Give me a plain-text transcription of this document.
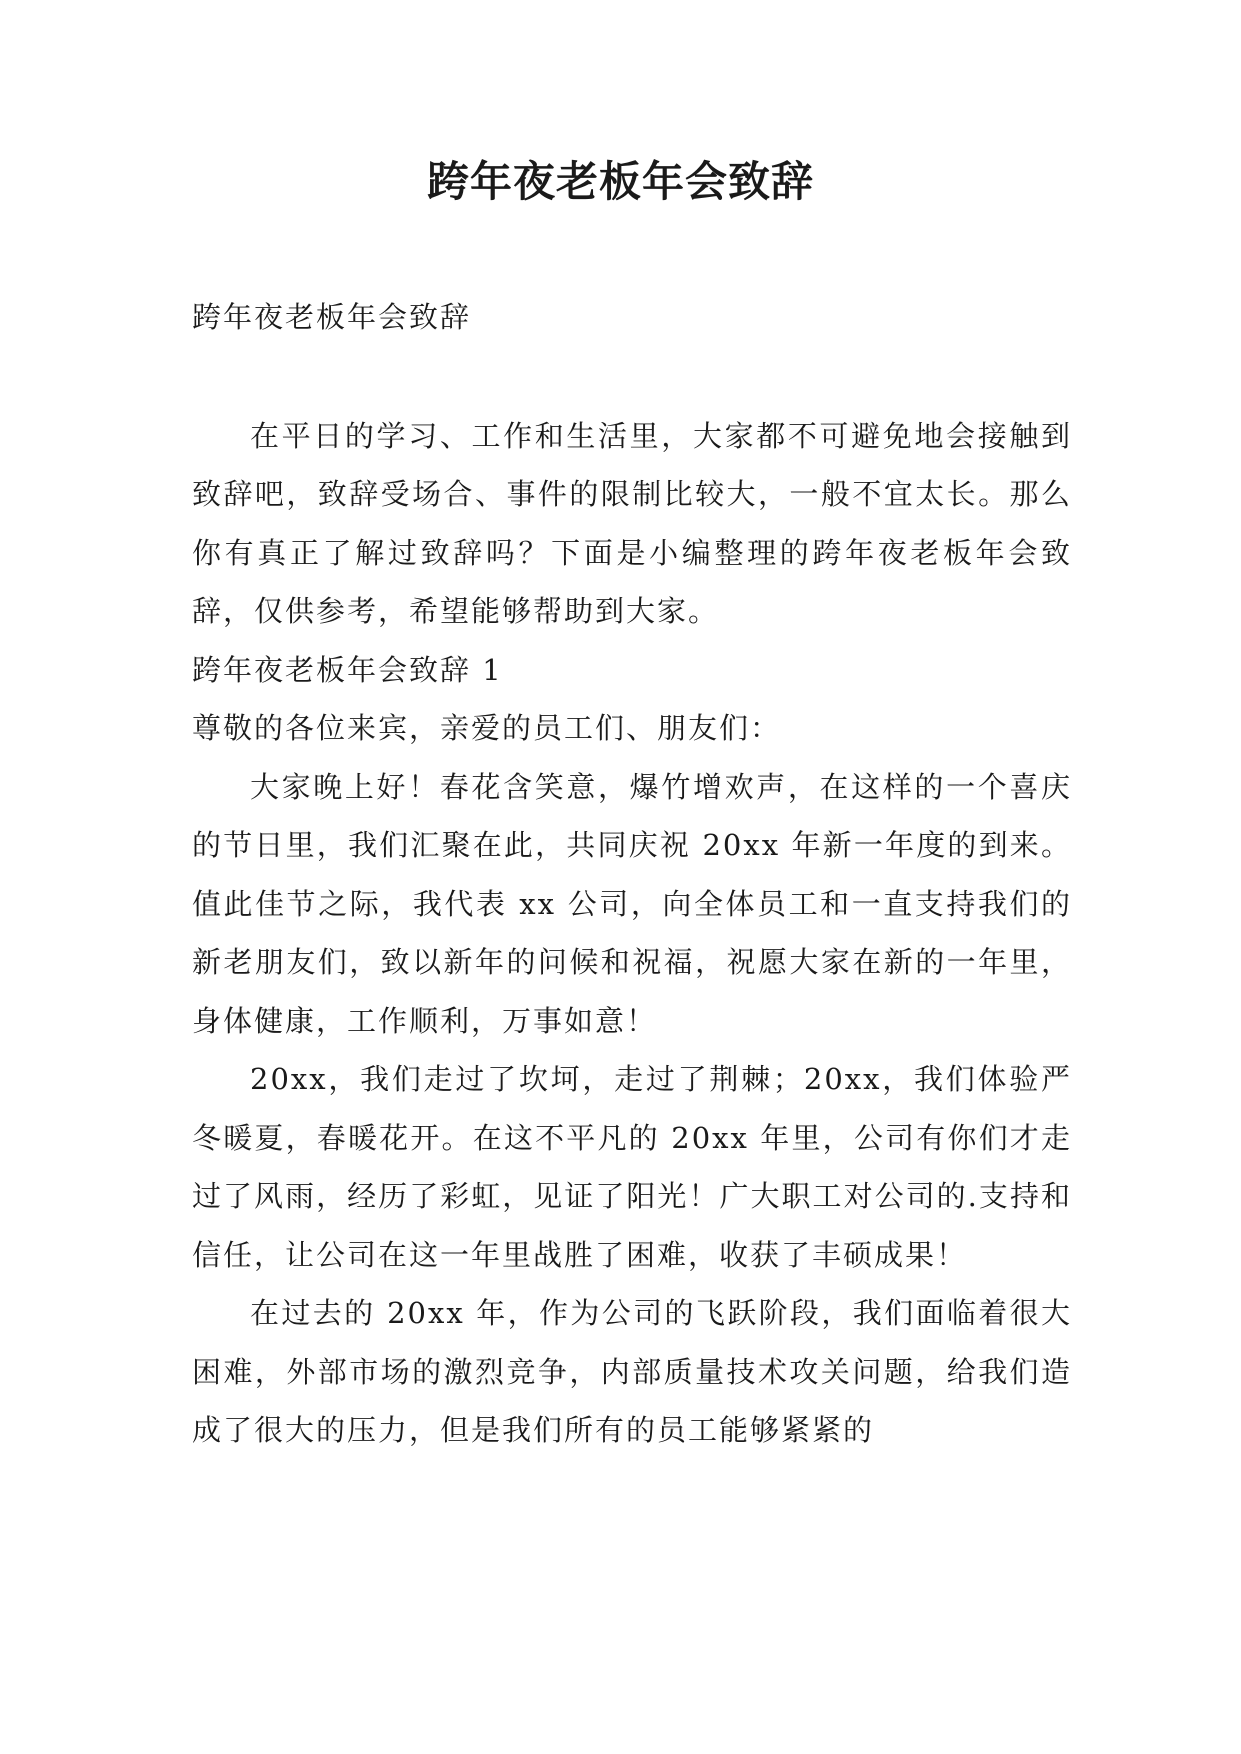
跨年夜老板年会致辞

跨年夜老板年会致辞

在平日的学习、工作和生活里，大家都不可避免地会接触到致辞吧，致辞受场合、事件的限制比较大，一般不宜太长。那么你有真正了解过致辞吗？下面是小编整理的跨年夜老板年会致辞，仅供参考，希望能够帮助到大家。

跨年夜老板年会致辞 1

尊敬的各位来宾，亲爱的员工们、朋友们：

大家晚上好！春花含笑意，爆竹增欢声，在这样的一个喜庆的节日里，我们汇聚在此，共同庆祝 20xx 年新一年度的到来。值此佳节之际，我代表 xx 公司，向全体员工和一直支持我们的新老朋友们，致以新年的问候和祝福，祝愿大家在新的一年里，身体健康，工作顺利，万事如意！

20xx，我们走过了坎坷，走过了荆棘；20xx，我们体验严冬暖夏，春暖花开。在这不平凡的 20xx 年里，公司有你们才走过了风雨，经历了彩虹，见证了阳光！广大职工对公司的.支持和信任，让公司在这一年里战胜了困难，收获了丰硕成果！

在过去的 20xx 年，作为公司的飞跃阶段，我们面临着很大困难，外部市场的激烈竞争，内部质量技术攻关问题，给我们造成了很大的压力，但是我们所有的员工能够紧紧的
